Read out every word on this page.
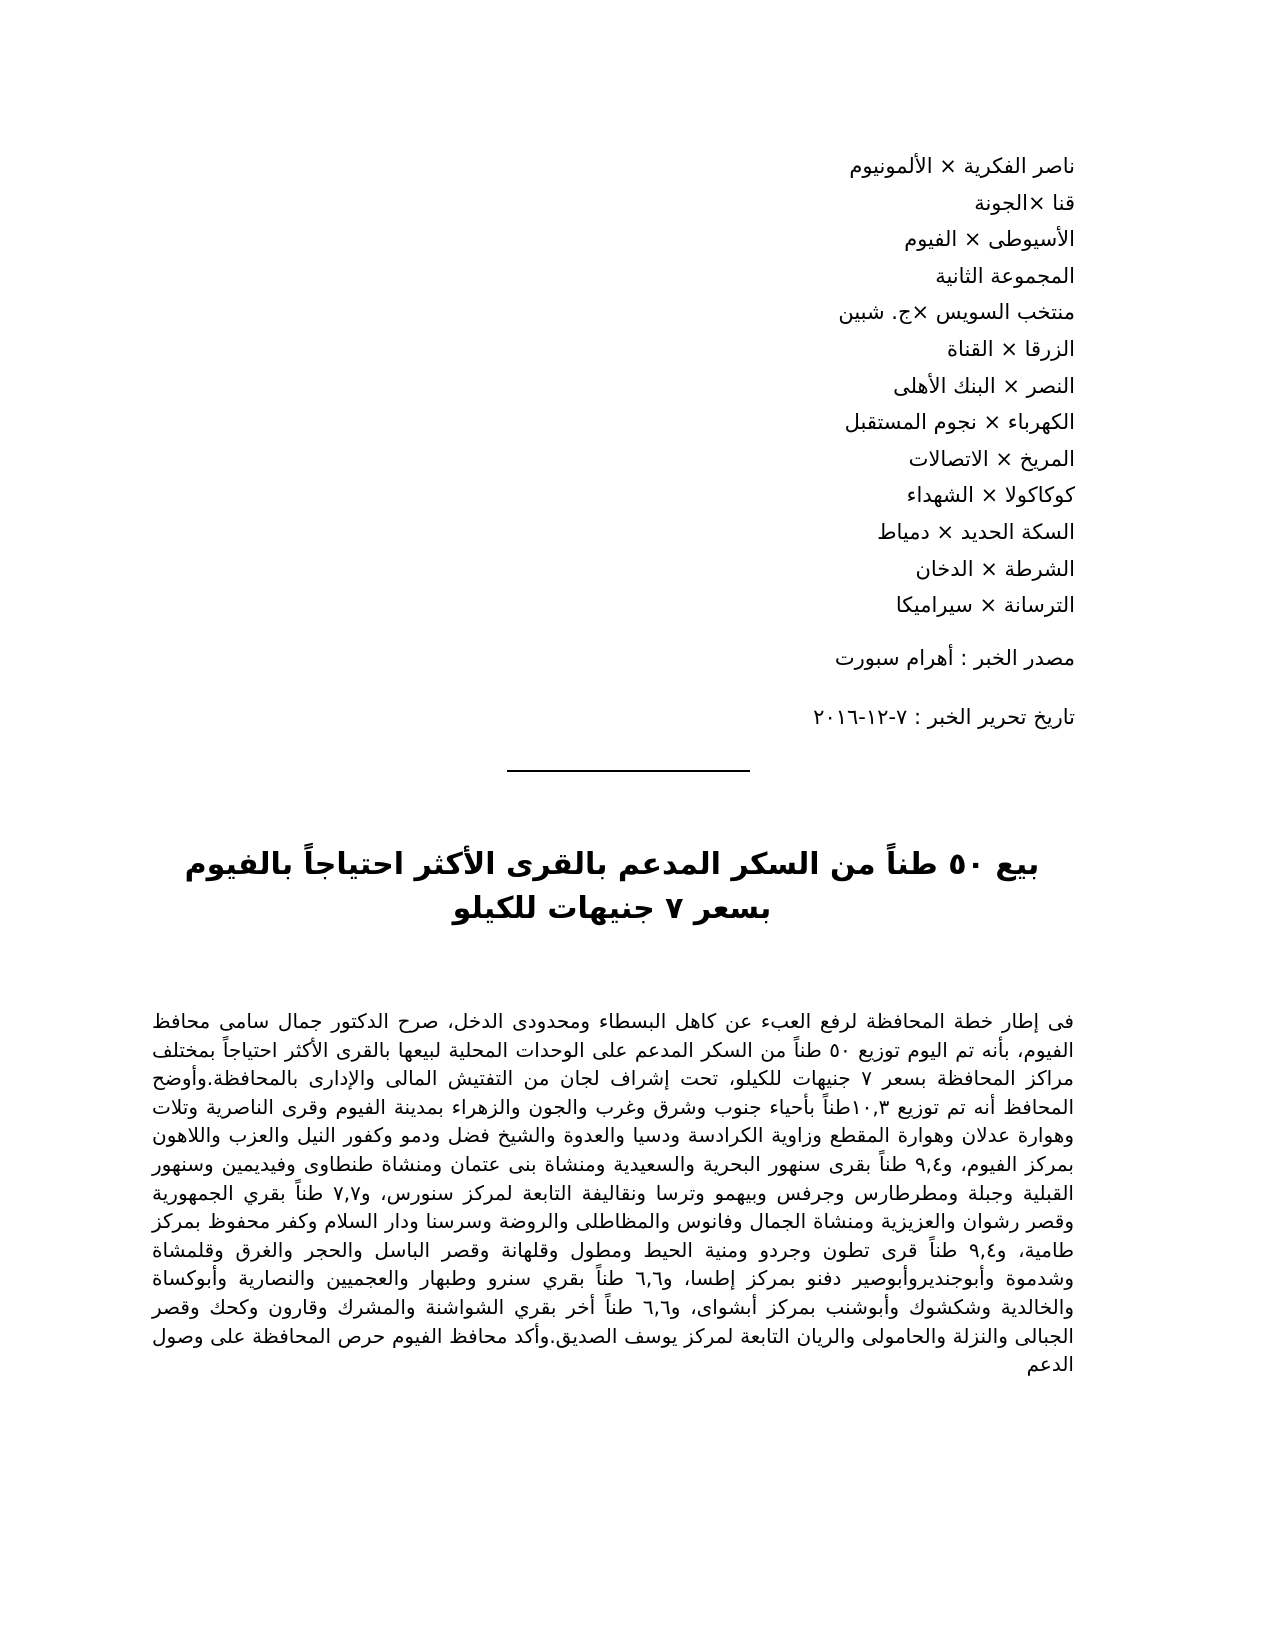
ناصر الفكرية × الألمونيوم
قنا ×الجونة
الأسيوطى × الفيوم
المجموعة الثانية
منتخب السويس ×ج. شبين
الزرقا × القناة
النصر × البنك الأهلى
الكهرباء × نجوم المستقبل
المريخ × الاتصالات
كوكاكولا × الشهداء
السكة الحديد × دمياط
الشرطة × الدخان
الترسانة × سيراميكا
مصدر الخبر : أهرام سبورت
تاريخ تحرير الخبر : ٧-١٢-٢٠١٦
بيع ٥٠ طناً من السكر المدعم بالقرى الأكثر احتياجاً بالفيوم بسعر ٧ جنيهات للكيلو

فى إطار خطة المحافظة لرفع العبء عن كاهل البسطاء ومحدودى الدخل، صرح الدكتور جمال سامى محافظ الفيوم، بأنه تم اليوم توزيع ٥٠ طناً من السكر المدعم على الوحدات المحلية لبيعها بالقرى الأكثر احتياجاً بمختلف مراكز المحافظة بسعر ٧ جنيهات للكيلو، تحت إشراف لجان من التفتيش المالى والإدارى بالمحافظة.وأوضح المحافظ أنه تم توزيع ١٠,٣طناً بأحياء جنوب وشرق وغرب والجون والزهراء بمدينة الفيوم وقرى الناصرية وتلات وهوارة عدلان وهوارة المقطع وزاوية الكرادسة ودسيا والعدوة والشيخ فضل ودمو وكفور النيل والعزب واللاهون بمركز الفيوم، و٩,٤ طناً بقرى سنهور البحرية والسعيدية ومنشاة بنى عتمان ومنشاة طنطاوى وفيديمين وسنهور القبلية وجبلة ومطرطارس وجرفس وبيهمو وترسا ونقاليفة التابعة لمركز سنورس، و٧,٧ طناً بقري الجمهورية وقصر رشوان والعزيزية ومنشاة الجمال وفانوس والمظاطلى والروضة وسرسنا ودار السلام وكفر محفوظ بمركز طامية، و٩,٤ طناً قرى تطون وجردو ومنية الحيط ومطول وقلهانة وقصر الباسل والحجر والغرق وقلمشاة وشدموة وأبوجنديروأبوصير دفنو بمركز إطسا، و٦,٦ طناً بقري سنرو وطبهار والعجميين والنصارية وأبوكساة والخالدية وشكشوك وأبوشنب بمركز أبشواى، و٦,٦ طناً أخر بقري الشواشنة والمشرك وقارون وكحك وقصر الجبالى والنزلة والحامولى والريان التابعة لمركز يوسف الصديق.وأكد محافظ الفيوم حرص المحافظة على وصول الدعم
